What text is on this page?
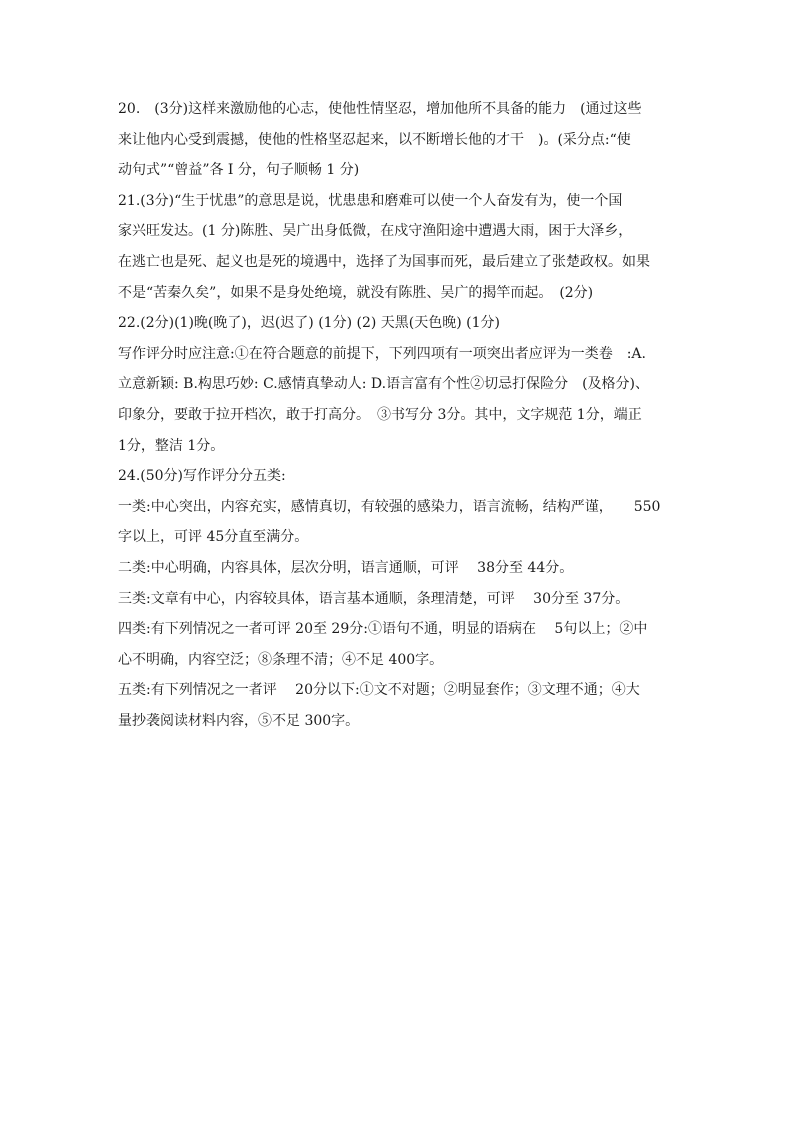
20.　(3分)这样来激励他的心志，使他性情坚忍，增加他所不具备的能力　(通过这些

来让他内心受到震撼，使他的性格坚忍起来，以不断增长他的才干　)。(采分点:“使

动句式”“曾益”各 I 分，句子顺畅 1 分)

21.(3分)“生于忧患”的意思是说，忧患患和磨难可以使一个人奋发有为，使一个国

家兴旺发达。(1 分)陈胜、吴广出身低微，在戍守渔阳途中遭遇大雨，困于大泽乡，

在逃亡也是死、起义也是死的境遇中，选择了为国事而死，最后建立了张楚政权。如果

不是“苦秦久矣”，如果不是身处绝境，就没有陈胜、吴广的揭竿而起。　(2分)

22.(2分)(1)晚(晚了)，迟(迟了) (1分) (2) 天黑(天色晚) (1分)

写作评分时应注意:①在符合题意的前提下，下列四项有一项突出者应评为一类卷　:A.

立意新颖: B.构思巧妙: C.感情真挚动人: D.语言富有个性②切忌打保险分　(及格分)、

印象分，要敢于拉开档次，敢于打高分。　③书写分 3分。其中，文字规范 1分，端正

1分，整洁 1分。

24.(50分)写作评分分五类:

一类:中心突出，内容充实，感情真切，有较强的感染力，语言流畅，结构严谨，　　550

字以上，可评 45分直至满分。

二类:中心明确，内容具体，层次分明，语言通顺，可评　 38分至 44分。

三类:文章有中心，内容较具体，语言基本通顺，条理清楚，可评　 30分至 37分。

四类:有下列情况之一者可评 20至 29分:①语句不通，明显的语病在　 5句以上；②中

心不明确，内容空泛；⑧条理不清；④不足 400字。

五类:有下列情况之一者评　 20分以下:①文不对题；②明显套作；③文理不通；④大

量抄袭阅读材料内容，⑤不足 300字。
